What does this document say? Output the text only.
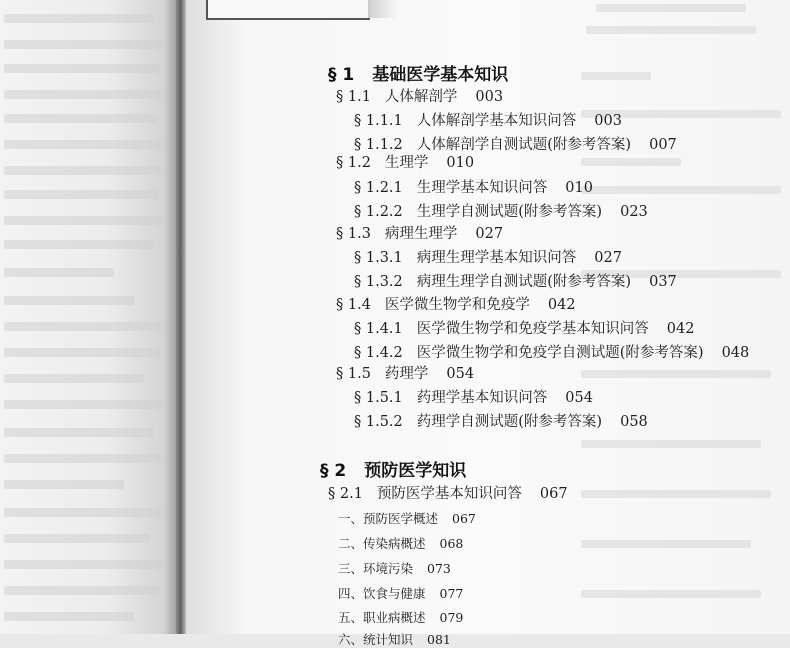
§ 1 基础医学基本知识
§ 1.1 人体解剖学 003
§ 1.1.1 人体解剖学基本知识问答 003
§ 1.1.2 人体解剖学自测试题(附参考答案) 007
§ 1.2 生理学 010
§ 1.2.1 生理学基本知识问答 010
§ 1.2.2 生理学自测试题(附参考答案) 023
§ 1.3 病理生理学 027
§ 1.3.1 病理生理学基本知识问答 027
§ 1.3.2 病理生理学自测试题(附参考答案) 037
§ 1.4 医学微生物学和免疫学 042
§ 1.4.1 医学微生物学和免疫学基本知识问答 042
§ 1.4.2 医学微生物学和免疫学自测试题(附参考答案) 048
§ 1.5 药理学 054
§ 1.5.1 药理学基本知识问答 054
§ 1.5.2 药理学自测试题(附参考答案) 058
§ 2 预防医学知识
§ 2.1 预防医学基本知识问答 067
一、预防医学概述 067
二、传染病概述 068
三、环境污染 073
四、饮食与健康 077
五、职业病概述 079
六、统计知识 081
